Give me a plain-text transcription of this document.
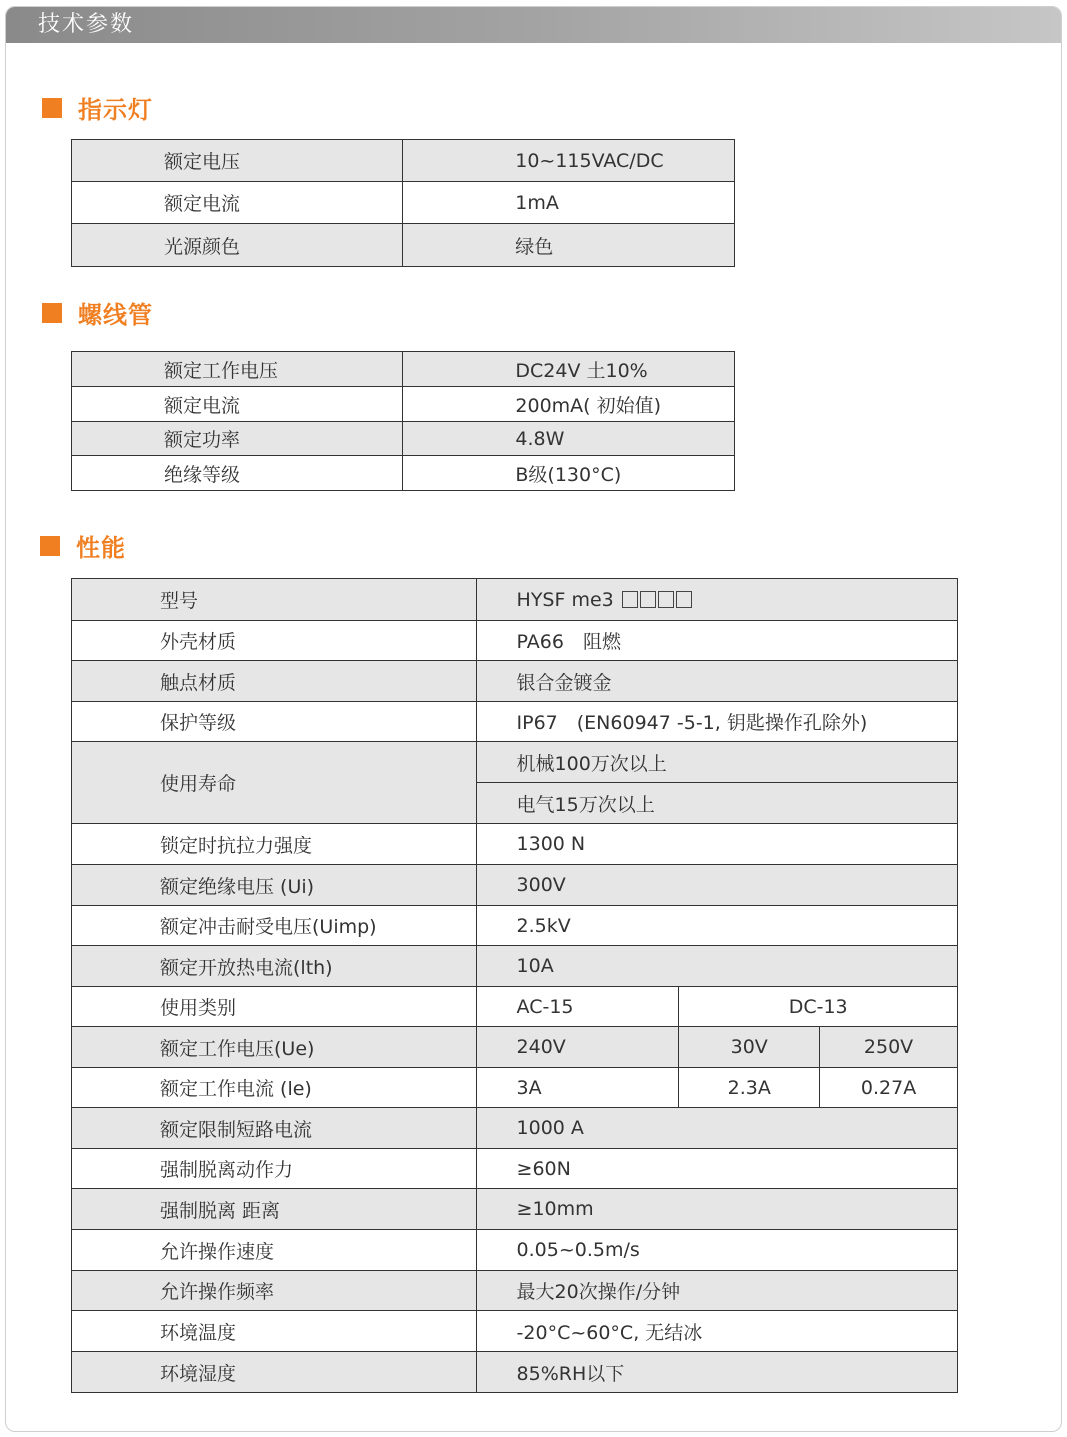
技术参数
指示灯
额定电压	10~115VAC/DC
额定电流	1mA
光源颜色	绿色
螺线管
额定工作电压	DC24V 土10%
额定电流	200mA( 初始值)
额定功率	4.8W
绝缘等级	B级(130°C)
性能
型号	HYSF me3		
外壳材质	PA66　阻燃		
触点材质	银合金镀金		
保护等级	IP67　(EN60947 -5-1, 钥匙操作孔除外)		
使用寿命	机械100万次以上		
	电气15万次以上		
锁定时抗拉力强度	1300 N		
额定绝缘电压 (Ui)	300V		
额定冲击耐受电压(Uimp)	2.5kV		
额定开放热电流(lth)	10A		
使用类别	AC-15	DC-13	
额定工作电压(Ue)	240V	30V	250V
额定工作电流 (le)	3A	2.3A	0.27A
额定限制短路电流	1000 A		
强制脱离动作力	≥60N		
强制脱离 距离	≥10mm		
允许操作速度	0.05~0.5m/s		
允许操作频率	最大20次操作/分钟		
环境温度	-20°C~60°C, 无结冰		
环境湿度	85%RH以下		
